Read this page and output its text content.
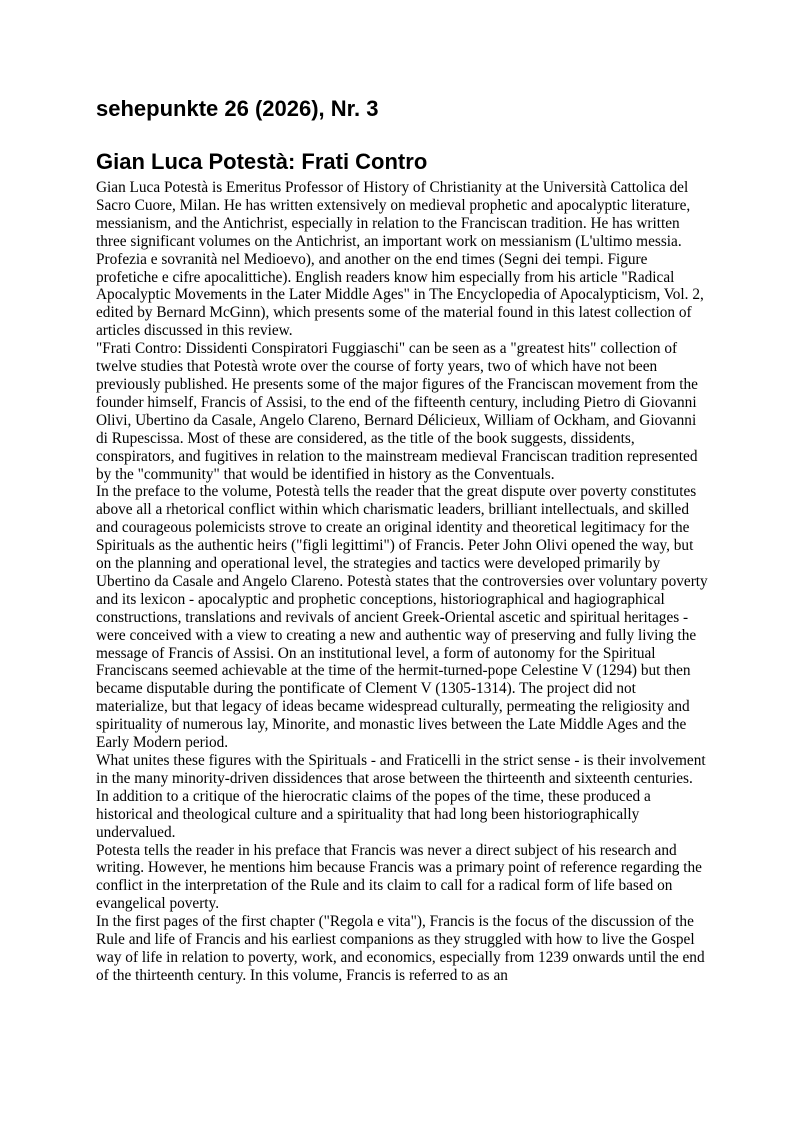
sehepunkte 26 (2026), Nr. 3
Gian Luca Potestà: Frati Contro

Gian Luca Potestà is Emeritus Professor of History of Christianity at the Università Cattolica del Sacro Cuore, Milan. He has written extensively on medieval prophetic and apocalyptic literature, messianism, and the Antichrist, especially in relation to the Franciscan tradition. He has written three significant volumes on the Antichrist, an important work on messianism (L'ultimo messia. Profezia e sovranità nel Medioevo), and another on the end times (Segni dei tempi. Figure profetiche e cifre apocalittiche). English readers know him especially from his article "Radical Apocalyptic Movements in the Later Middle Ages" in The Encyclopedia of Apocalypticism, Vol. 2, edited by Bernard McGinn), which presents some of the material found in this latest collection of articles discussed in this review.

"Frati Contro: Dissidenti Conspiratori Fuggiaschi" can be seen as a "greatest hits" collection of twelve studies that Potestà wrote over the course of forty years, two of which have not been previously published. He presents some of the major figures of the Franciscan movement from the founder himself, Francis of Assisi, to the end of the fifteenth century, including Pietro di Giovanni Olivi, Ubertino da Casale, Angelo Clareno, Bernard Délicieux, William of Ockham, and Giovanni di Rupescissa. Most of these are considered, as the title of the book suggests, dissidents, conspirators, and fugitives in relation to the mainstream medieval Franciscan tradition represented by the "community" that would be identified in history as the Conventuals.

In the preface to the volume, Potestà tells the reader that the great dispute over poverty constitutes above all a rhetorical conflict within which charismatic leaders, brilliant intellectuals, and skilled and courageous polemicists strove to create an original identity and theoretical legitimacy for the Spirituals as the authentic heirs ("figli legittimi") of Francis. Peter John Olivi opened the way, but on the planning and operational level, the strategies and tactics were developed primarily by Ubertino da Casale and Angelo Clareno. Potestà states that the controversies over voluntary poverty and its lexicon - apocalyptic and prophetic conceptions, historiographical and hagiographical constructions, translations and revivals of ancient Greek-Oriental ascetic and spiritual heritages - were conceived with a view to creating a new and authentic way of preserving and fully living the message of Francis of Assisi. On an institutional level, a form of autonomy for the Spiritual Franciscans seemed achievable at the time of the hermit-turned-pope Celestine V (1294) but then became disputable during the pontificate of Clement V (1305-1314). The project did not materialize, but that legacy of ideas became widespread culturally, permeating the religiosity and spirituality of numerous lay, Minorite, and monastic lives between the Late Middle Ages and the Early Modern period.

What unites these figures with the Spirituals - and Fraticelli in the strict sense - is their involvement in the many minority-driven dissidences that arose between the thirteenth and sixteenth centuries. In addition to a critique of the hierocratic claims of the popes of the time, these produced a historical and theological culture and a spirituality that had long been historiographically undervalued.

Potesta tells the reader in his preface that Francis was never a direct subject of his research and writing. However, he mentions him because Francis was a primary point of reference regarding the conflict in the interpretation of the Rule and its claim to call for a radical form of life based on evangelical poverty.

In the first pages of the first chapter ("Regola e vita"), Francis is the focus of the discussion of the Rule and life of Francis and his earliest companions as they struggled with how to live the Gospel way of life in relation to poverty, work, and economics, especially from 1239 onwards until the end of the thirteenth century. In this volume, Francis is referred to as an
